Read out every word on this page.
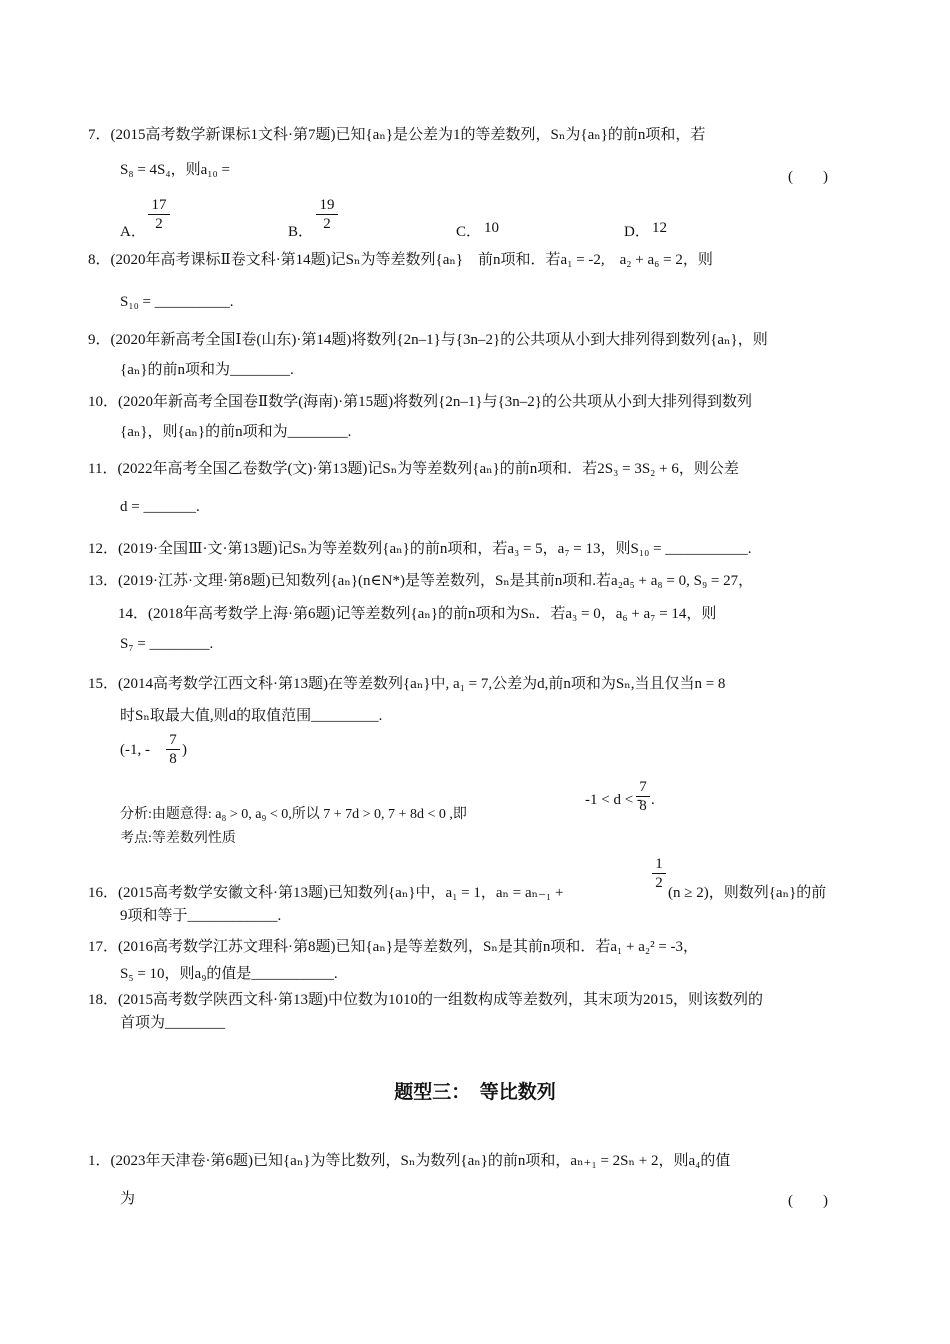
7．(2015高考数学新课标1文科·第7题)已知{aₙ}是公差为1的等差数列，Sₙ为{aₙ}的前n项和，若
S₈ = 4S₄，则a₁₀ =	(　　)
A．
17
2	B．
19
2	C． 10	D． 12
8．(2020年高考课标Ⅱ卷文科·第14题)记Sₙ为等差数列{aₙ}　前n项和．若a₁ = -2,　a₂ + a₆ = 2，则
S₁₀ = __________.
9．(2020年新高考全国Ⅰ卷(山东)·第14题)将数列{2n–1}与{3n–2}的公共项从小到大排列得到数列{aₙ}，则
{aₙ}的前n项和为________.
10．(2020年新高考全国卷Ⅱ数学(海南)·第15题)将数列{2n–1}与{3n–2}的公共项从小到大排列得到数列
{aₙ}，则{aₙ}的前n项和为________.
11．(2022年高考全国乙卷数学(文)·第13题)记Sₙ为等差数列{aₙ}的前n项和．若2S₃ = 3S₂ + 6，则公差
d = _______.
12．(2019·全国Ⅲ·文·第13题)记Sₙ为等差数列{aₙ}的前n项和，若a₃ = 5，a₇ = 13，则S₁₀ = ___________.
13．(2019·江苏·文理·第8题)已知数列{aₙ}(n∈N*)是等差数列，Sₙ是其前n项和.若a₂a₅ + a₈ = 0, S₉ = 27，
14．(2018年高考数学上海·第6题)记等差数列{aₙ}的前n项和为Sₙ．若a₃ = 0，a₆ + a₇ = 14，则
S₇ = ________.
15．(2014高考数学江西文科·第13题)在等差数列{aₙ}中, a₁ = 7,公差为d,前n项和为Sₙ,当且仅当n = 8
时Sₙ取最大值,则d的取值范围_________.
(-1, -
7
8
)
分析:由题意得: a₈ > 0, a₉ < 0,所以 7 + 7d > 0, 7 + 8d < 0 ,即
-1 < d < -
7
8 .
考点:等差数列性质
16．(2015高考数学安徽文科·第13题)已知数列{aₙ}中，a₁ = 1，aₙ = aₙ₋₁ +
1
2
(n ≥ 2)，则数列{aₙ}的前
9项和等于____________.
17．(2016高考数学江苏文理科·第8题)已知{aₙ}是等差数列，Sₙ是其前n项和．若a₁ + a₂² = -3，
S₅ = 10，则a₉的值是___________.
18．(2015高考数学陕西文科·第13题)中位数为1010的一组数构成等差数列，其末项为2015，则该数列的
首项为________
题型三：　等比数列
1．(2023年天津卷·第6题)已知{aₙ}为等比数列，Sₙ为数列{aₙ}的前n项和，aₙ₊₁ = 2Sₙ + 2，则a₄的值
为	(　　)
